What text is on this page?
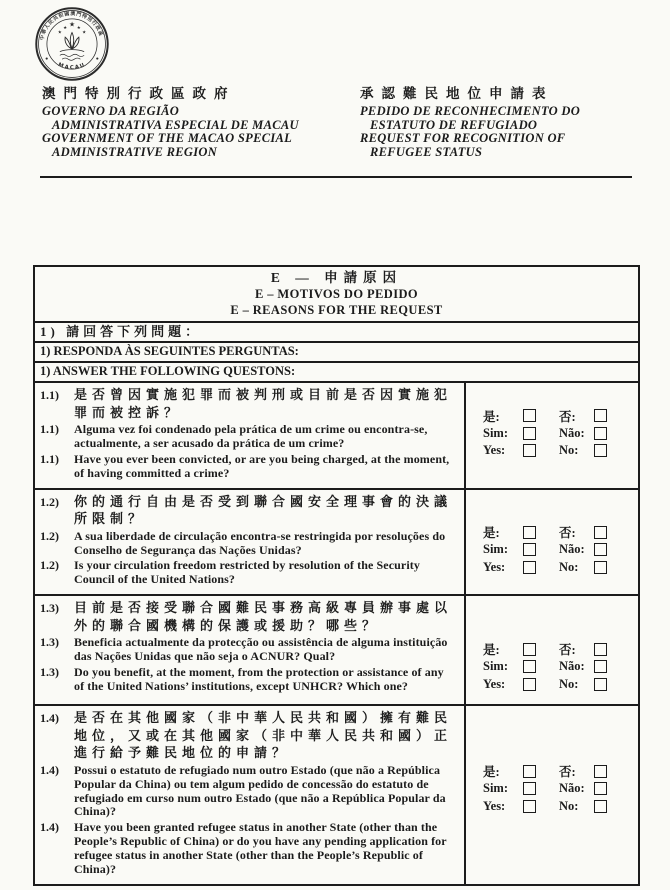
中華人民共和國澳門特別行政區
MACAU
★
★ ★
★	★
澳門特別行政區政府
GOVERNO DA REGIÃO
ADMINISTRATIVA ESPECIAL DE MACAU
GOVERNMENT OF THE MACAO SPECIAL
ADMINISTRATIVE REGION
承認難民地位申請表
PEDIDO DE RECONHECIMENTO DO
ESTATUTO DE REFUGIADO
REQUEST FOR RECOGNITION OF
REFUGEE STATUS
E — 申請原因
E – MOTIVOS DO PEDIDO
E – REASONS FOR THE REQUEST
1) 請回答下列問題：
1) RESPONDA ÀS SEGUINTES PERGUNTAS:
1) ANSWER THE FOLLOWING QUESTONS:
1.1)	是否曾因實施犯罪而被判刑或目前是否因實施犯罪而被控訴？
1.1)	Alguma vez foi condenado pela prática de um crime ou encontra-se, actualmente, a ser acusado da prática de um crime?
1.1)	Have you ever been convicted, or are you being charged, at the moment, of having committed a crime?
是:	否:
Sim:	Não:
Yes:	No:
1.2)	你的通行自由是否受到聯合國安全理事會的決議所限制？
1.2)	A sua liberdade de circulação encontra-se restringida por resoluções do Conselho de Segurança das Nações Unidas?
1.2)	Is your circulation freedom restricted by resolution of the Security Council of the United Nations?
是:	否:
Sim:	Não:
Yes:	No:
1.3)	目前是否接受聯合國難民事務高級專員辦事處以外的聯合國機構的保護或援助？哪些？
1.3)	Beneficia actualmente da protecção ou assistência de alguma instituição das Nações Unidas que não seja o ACNUR? Qual?
1.3)	Do you benefit, at the moment, from the protection or assistance of any of the United Nations’ institutions, except UNHCR? Which one?
是:	否:
Sim:	Não:
Yes:	No:
1.4)	是否在其他國家（非中華人民共和國）擁有難民地位，又或在其他國家（非中華人民共和國）正進行給予難民地位的申請？
1.4)	Possui o estatuto de refugiado num outro Estado (que não a República Popular da China) ou tem algum pedido de concessão do estatuto de refugiado em curso num outro Estado (que não a República Popular da China)?
1.4)	Have you been granted refugee status in another State (other than the People’s Republic of China) or do you have any pending application for refugee status in another State (other than the People’s Republic of China)?
是:	否:
Sim:	Não:
Yes:	No:
